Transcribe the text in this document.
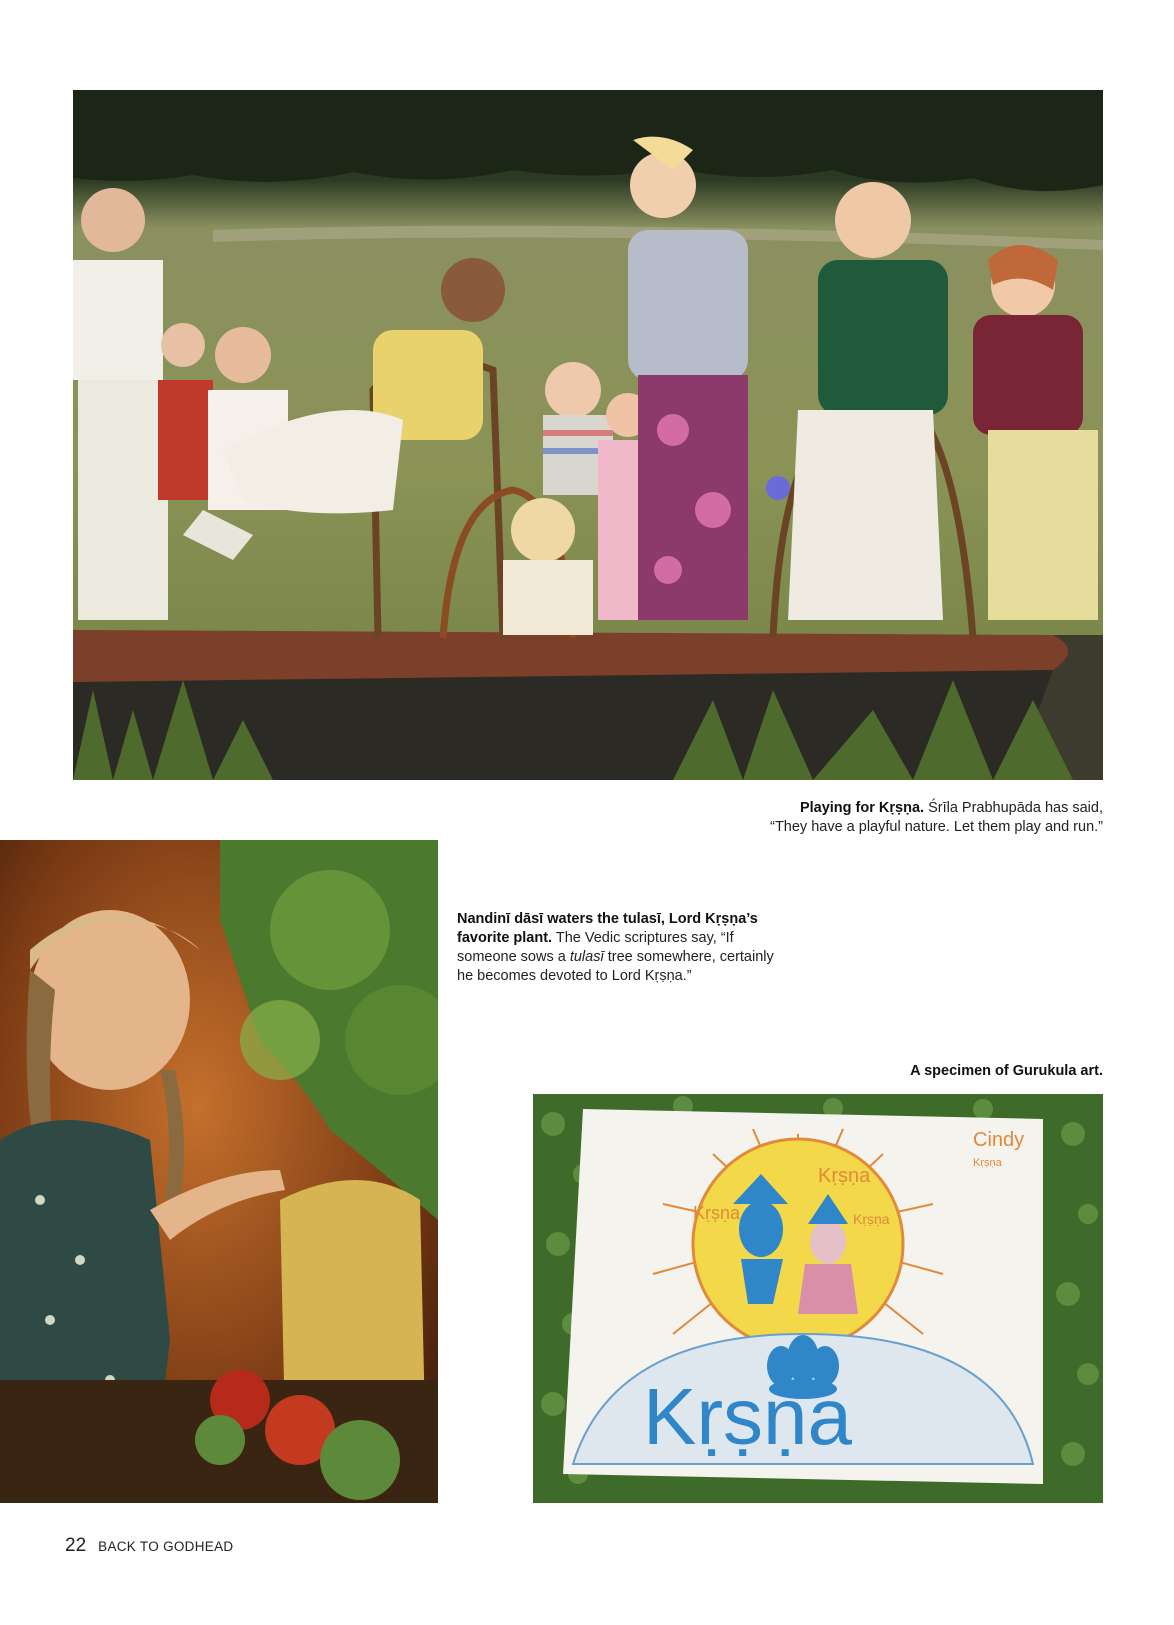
Playing for Kṛṣṇa. Śrīla Prabhupāda has said,
“They have a playful nature. Let them play and run.”
Nandinī dāsī waters the tulasī, Lord Kṛṣṇa’s
favorite plant. The Vedic scriptures say, “If
someone sows a tulasī tree somewhere, certainly
he becomes devoted to Lord Kṛṣṇa.”
A specimen of Gurukula art.
Cindy
Kṛṣṇa
Kṛṣṇa
Kṛṣṇa	Kṛṣṇa
Kṛṣṇa
22 BACK TO GODHEAD
